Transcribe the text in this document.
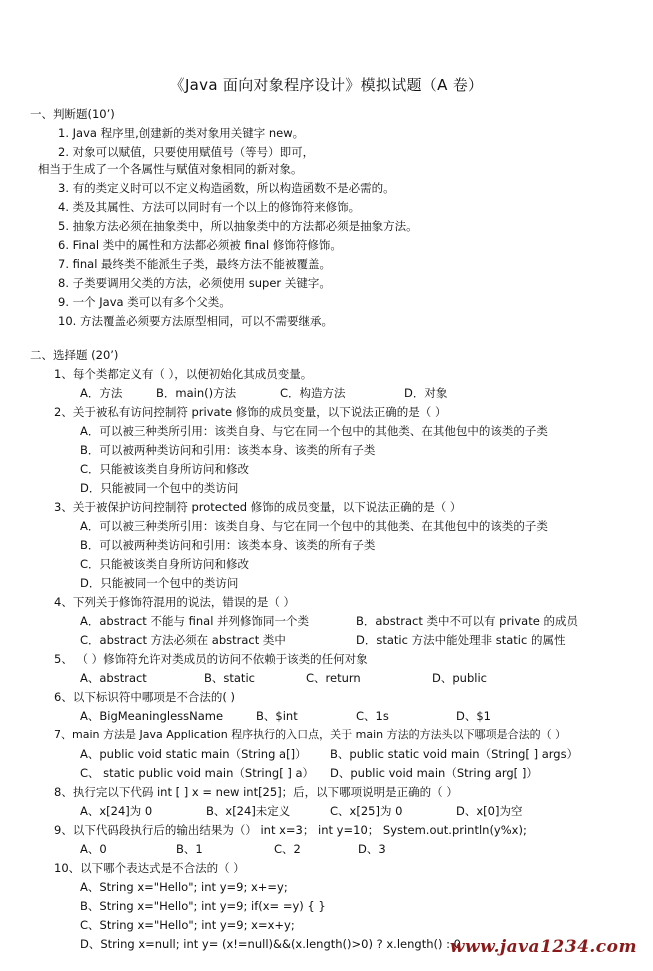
《Java 面向对象程序设计》模拟试题（A 卷）
一、判断题(10’)
1. Java 程序里,创建新的类对象用关键字 new。
2. 对象可以赋值，只要使用赋值号（等号）即可，
相当于生成了一个各属性与赋值对象相同的新对象。
3. 有的类定义时可以不定义构造函数，所以构造函数不是必需的。
4. 类及其属性、方法可以同时有一个以上的修饰符来修饰。
5. 抽象方法必须在抽象类中，所以抽象类中的方法都必须是抽象方法。
6. Final 类中的属性和方法都必须被 final 修饰符修饰。
7. final 最终类不能派生子类，最终方法不能被覆盖。
8. 子类要调用父类的方法，必须使用 super 关键字。
9. 一个 Java 类可以有多个父类。
10. 方法覆盖必须要方法原型相同，可以不需要继承。
二、选择题 (20’)
1、每个类都定义有（ ），以便初始化其成员变量。
A．方法	B．main()方法	C．构造方法	D．对象
2、关于被私有访问控制符 private 修饰的成员变量，以下说法正确的是（ ）
A．可以被三种类所引用：该类自身、与它在同一个包中的其他类、在其他包中的该类的子类
B．可以被两种类访问和引用：该类本身、该类的所有子类
C．只能被该类自身所访问和修改
D．只能被同一个包中的类访问
3、关于被保护访问控制符 protected 修饰的成员变量，以下说法正确的是（ ）
A．可以被三种类所引用：该类自身、与它在同一个包中的其他类、在其他包中的该类的子类
B．可以被两种类访问和引用：该类本身、该类的所有子类
C．只能被该类自身所访问和修改
D．只能被同一个包中的类访问
4、下列关于修饰符混用的说法，错误的是（ ）
A．abstract 不能与 final 并列修饰同一个类	B．abstract 类中不可以有 private 的成员
C．abstract 方法必须在 abstract 类中	D．static 方法中能处理非 static 的属性
5、 （ ）修饰符允许对类成员的访问不依赖于该类的任何对象
A、abstract	B、static	C、return	D、public
6、以下标识符中哪项是不合法的( )
A、BigMeaninglessName	B、$int	C、1s	D、$1
7、main 方法是 Java Application 程序执行的入口点，关于 main 方法的方法头以下哪项是合法的（ ）
A、public void static main（String a[]） B、public static void main（String[ ] args）
C、 static public void main（String[ ] a） D、public void main（String arg[ ]）
8、执行完以下代码 int [ ] x = new int[25]；后，以下哪项说明是正确的（ ）
A、x[24]为 0	B、x[24]未定义	C、x[25]为 0	D、x[0]为空
9、以下代码段执行后的输出结果为（） int x=3； int y=10； System.out.println(y%x);
A、0	B、1	C、2	D、3
10、以下哪个表达式是不合法的（ ）
A、String x="Hello"; int y=9; x+=y;
B、String x="Hello"; int y=9; if(x= =y) { }
C、String x="Hello"; int y=9; x=x+y;
D、String x=null; int y= (x!=null)&&(x.length()>0) ? x.length() : 0
www.java1234.com
